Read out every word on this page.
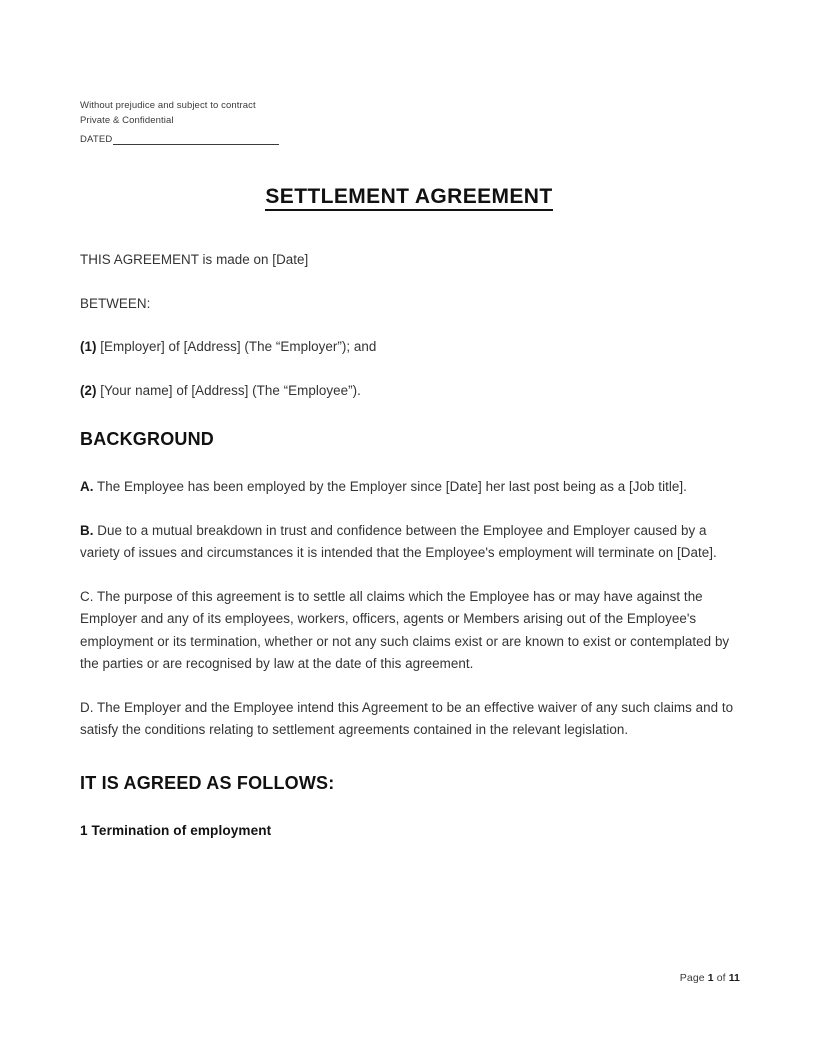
Without prejudice and subject to contract
Private & Confidential
DATED
SETTLEMENT AGREEMENT

THIS AGREEMENT is made on [Date]

BETWEEN:

(1) [Employer] of [Address] (The “Employer”); and

(2) [Your name] of [Address] (The “Employee”).

BACKGROUND

A. The Employee has been employed by the Employer since [Date] her last post being as a [Job title].

B. Due to a mutual breakdown in trust and confidence between the Employee and Employer caused by a variety of issues and circumstances it is intended that the Employee's employment will terminate on [Date].

C. The purpose of this agreement is to settle all claims which the Employee has or may have against the Employer and any of its employees, workers, officers, agents or Members arising out of the Employee's employment or its termination, whether or not any such claims exist or are known to exist or contemplated by the parties or are recognised by law at the date of this agreement.

D. The Employer and the Employee intend this Agreement to be an effective waiver of any such claims and to satisfy the conditions relating to settlement agreements contained in the relevant legislation.

IT IS AGREED AS FOLLOWS:
1 Termination of employment
Page 1 of 11
